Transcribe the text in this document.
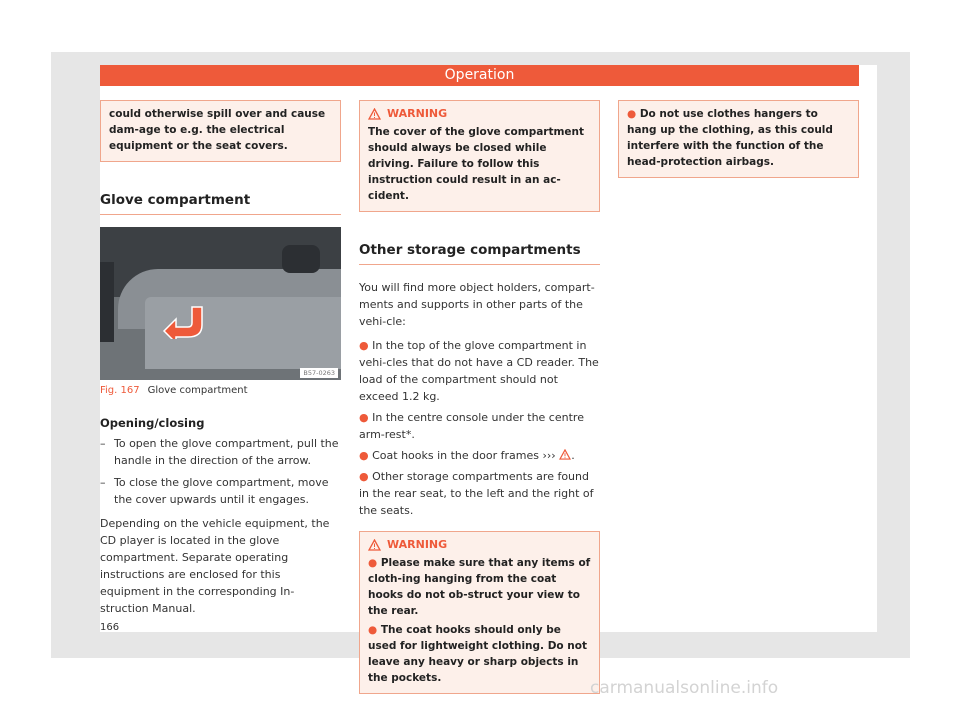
Operation
could otherwise spill over and cause dam-age to e.g. the electrical equipment or the seat covers.
Glove compartment
B57-0263
Fig. 167 Glove compartment
Opening/closing
– To open the glove compartment, pull the handle in the direction of the arrow.
– To close the glove compartment, move the cover upwards until it engages.
Depending on the vehicle equipment, the CD player is located in the glove compartment. Separate operating instructions are enclosed for this equipment in the corresponding In-struction Manual.
WARNING
The cover of the glove compartment should always be closed while driving. Failure to follow this instruction could result in an ac-cident.
Other storage compartments
You will find more object holders, compart-ments and supports in other parts of the vehi-cle:
● In the top of the glove compartment in vehi-cles that do not have a CD reader. The load of the compartment should not exceed 1.2 kg.
● In the centre console under the centre arm-rest*.
● Coat hooks in the door frames ››› .
● Other storage compartments are found in the rear seat, to the left and the right of the seats.
WARNING
● Please make sure that any items of cloth-ing hanging from the coat hooks do not ob-struct your view to the rear.
● The coat hooks should only be used for lightweight clothing. Do not leave any heavy or sharp objects in the pockets.
● Do not use clothes hangers to hang up the clothing, as this could interfere with the function of the head-protection airbags.
166
carmanualsonline.info
